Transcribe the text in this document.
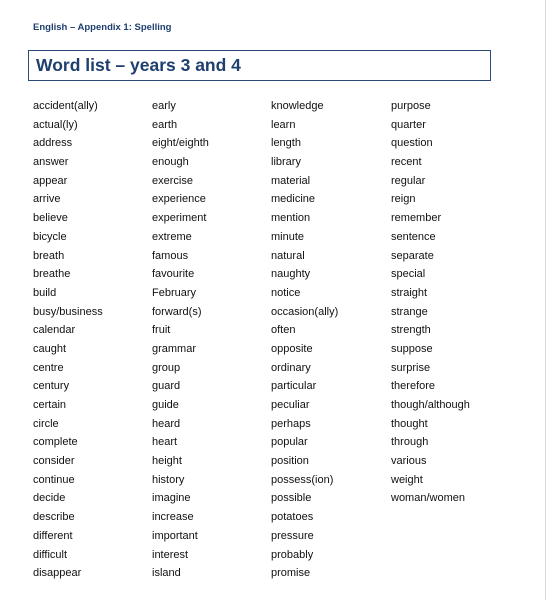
English – Appendix 1: Spelling
Word list – years 3 and 4
accident(ally)
actual(ly)
address
answer
appear
arrive
believe
bicycle
breath
breathe
build
busy/business
calendar
caught
centre
century
certain
circle
complete
consider
continue
decide
describe
different
difficult
disappear
early
earth
eight/eighth
enough
exercise
experience
experiment
extreme
famous
favourite
February
forward(s)
fruit
grammar
group
guard
guide
heard
heart
height
history
imagine
increase
important
interest
island
knowledge
learn
length
library
material
medicine
mention
minute
natural
naughty
notice
occasion(ally)
often
opposite
ordinary
particular
peculiar
perhaps
popular
position
possess(ion)
possible
potatoes
pressure
probably
promise
purpose
quarter
question
recent
regular
reign
remember
sentence
separate
special
straight
strange
strength
suppose
surprise
therefore
though/although
thought
through
various
weight
woman/women
